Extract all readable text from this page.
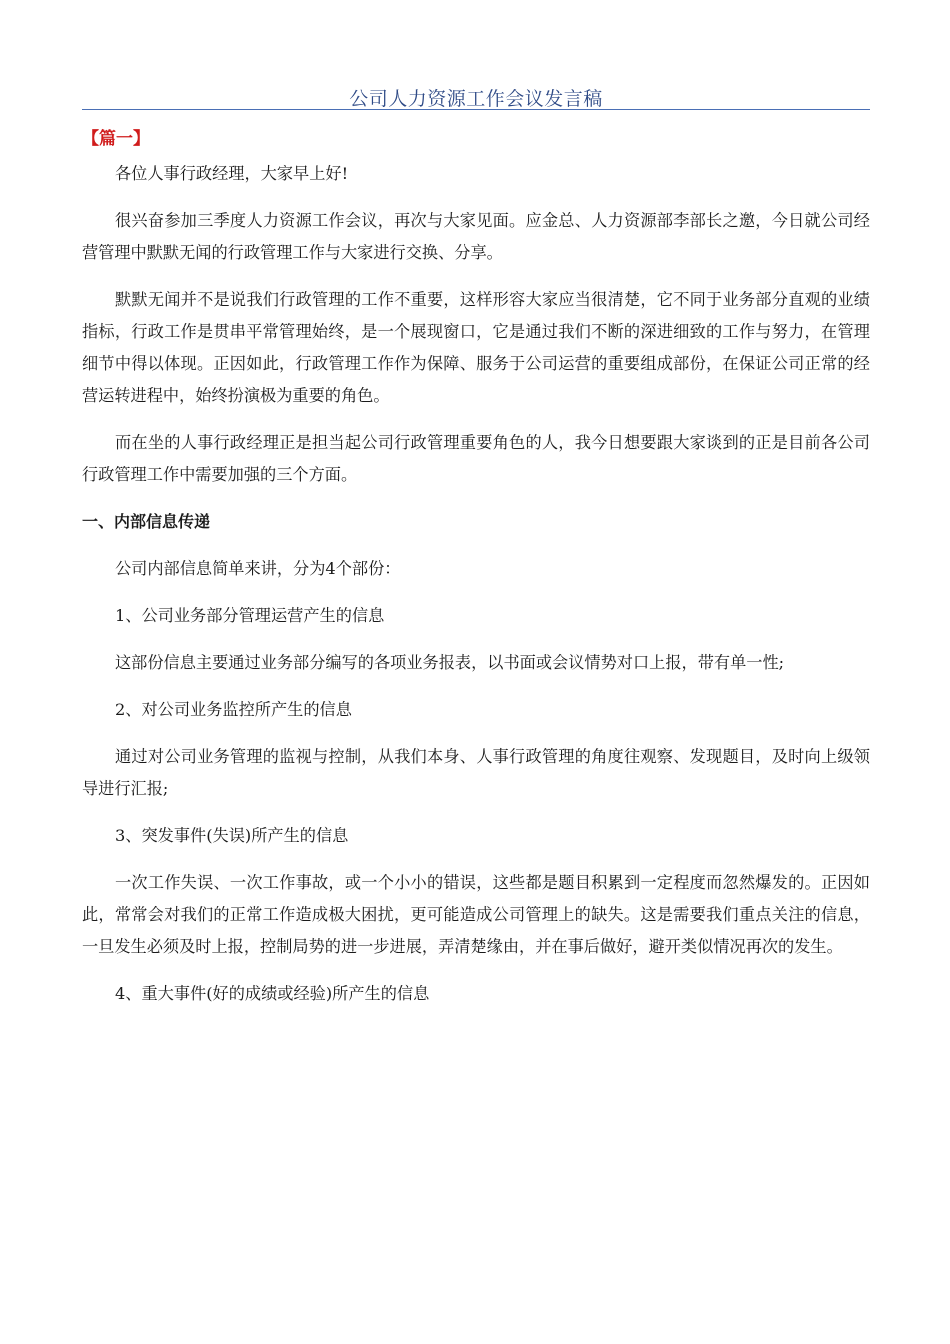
公司人力资源工作会议发言稿
【篇一】

各位人事行政经理，大家早上好!

很兴奋参加三季度人力资源工作会议，再次与大家见面。应金总、人力资源部李部长之邀，今日就公司经营管理中默默无闻的行政管理工作与大家进行交换、分享。

默默无闻并不是说我们行政管理的工作不重要，这样形容大家应当很清楚，它不同于业务部分直观的业绩指标，行政工作是贯串平常管理始终，是一个展现窗口，它是通过我们不断的深进细致的工作与努力，在管理细节中得以体现。正因如此，行政管理工作作为保障、服务于公司运营的重要组成部份，在保证公司正常的经营运转进程中，始终扮演极为重要的角色。

而在坐的人事行政经理正是担当起公司行政管理重要角色的人，我今日想要跟大家谈到的正是目前各公司行政管理工作中需要加强的三个方面。

一、内部信息传递

公司内部信息简单来讲，分为4个部份：

1、公司业务部分管理运营产生的信息

这部份信息主要通过业务部分编写的各项业务报表，以书面或会议情势对口上报，带有单一性;

2、对公司业务监控所产生的信息

通过对公司业务管理的监视与控制，从我们本身、人事行政管理的角度往观察、发现题目，及时向上级领导进行汇报;

3、突发事件(失误)所产生的信息

一次工作失误、一次工作事故，或一个小小的错误，这些都是题目积累到一定程度而忽然爆发的。正因如此，常常会对我们的正常工作造成极大困扰，更可能造成公司管理上的缺失。这是需要我们重点关注的信息，一旦发生必须及时上报，控制局势的进一步进展，弄清楚缘由，并在事后做好，避开类似情况再次的发生。

4、重大事件(好的成绩或经验)所产生的信息
